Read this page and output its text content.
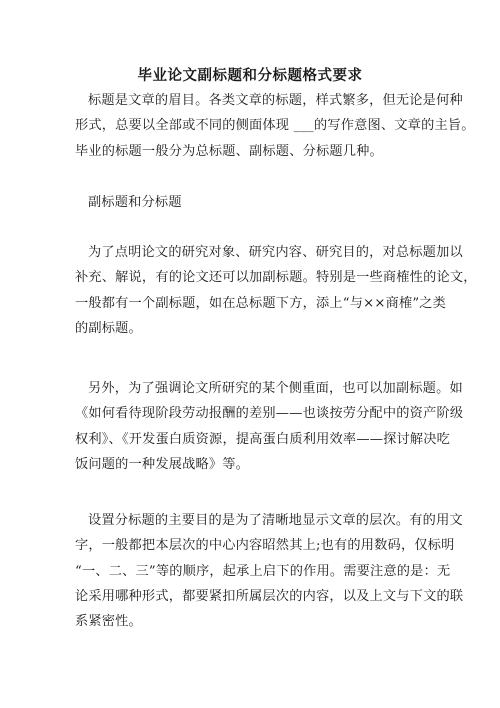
毕业论文副标题和分标题格式要求
标题是文章的眉目。各类文章的标题，样式繁多，但无论是何种
形式，总要以全部或不同的侧面体现 ___的写作意图、文章的主旨。
毕业的标题一般分为总标题、副标题、分标题几种。
副标题和分标题
为了点明论文的研究对象、研究内容、研究目的，对总标题加以
补充、解说，有的论文还可以加副标题。特别是一些商榷性的论文，
一般都有一个副标题，如在总标题下方，添上“与××商榷”之类
的副标题。
另外，为了强调论文所研究的某个侧重面，也可以加副标题。如
《如何看待现阶段劳动报酬的差别——也谈按劳分配中的资产阶级
权利》、《开发蛋白质资源，提高蛋白质利用效率——探讨解决吃
饭问题的一种发展战略》等。
设置分标题的主要目的是为了清晰地显示文章的层次。有的用文
字，一般都把本层次的中心内容昭然其上;也有的用数码，仅标明
“一、二、三”等的顺序，起承上启下的作用。需要注意的是：无
论采用哪种形式，都要紧扣所属层次的内容，以及上文与下文的联
系紧密性。
